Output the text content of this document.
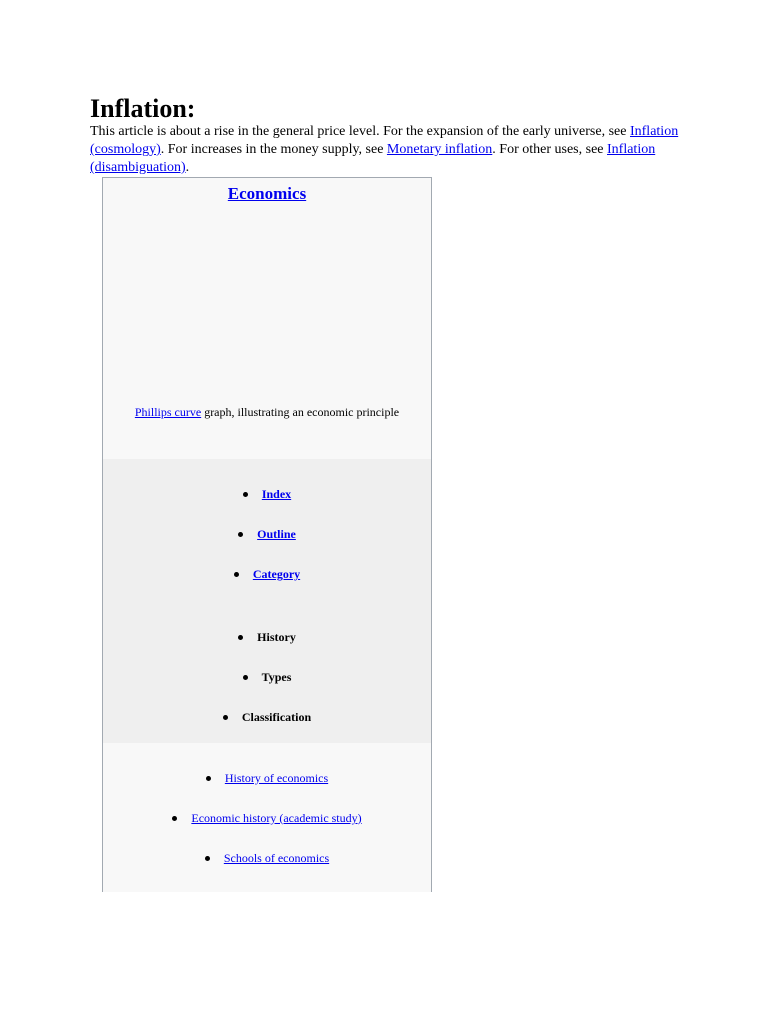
Inflation:

This article is about a rise in the general price level. For the expansion of the early universe, see Inflation (cosmology). For increases in the money supply, see Monetary inflation. For other uses, see Inflation (disambiguation).

Economics
Phillips curve graph, illustrating an economic principle
Index
Outline
Category
History
Types
Classification
History of economics
Economic history (academic study)
Schools of economics
